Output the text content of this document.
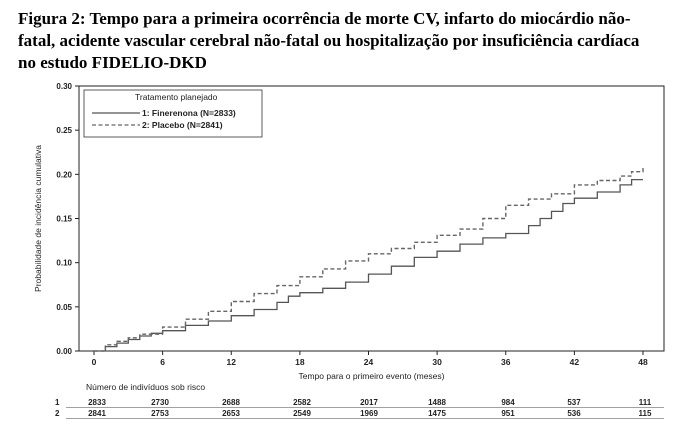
Figura 2: Tempo para a primeira ocorrência de morte CV, infarto do miocárdio não-
fatal, acidente vascular cerebral não-fatal ou hospitalização por insuficiência cardíaca
no estudo FIDELIO-DKD
0.00
0.05
0.10
0.15
0.20
0.25
0.30
Probabilidade de incidência cumulativa
0	6	12	18	24	30	36	42	48
Tempo para o primeiro evento (meses)
Tratamento planejado
1: Finerenona (N=2833)
2: Placebo (N=2841)
Número de indivíduos sob risco
1	2833	2730	2688	2582	2017	1488	984	537	111
2	2841	2753	2653	2549	1969	1475	951	536	115
